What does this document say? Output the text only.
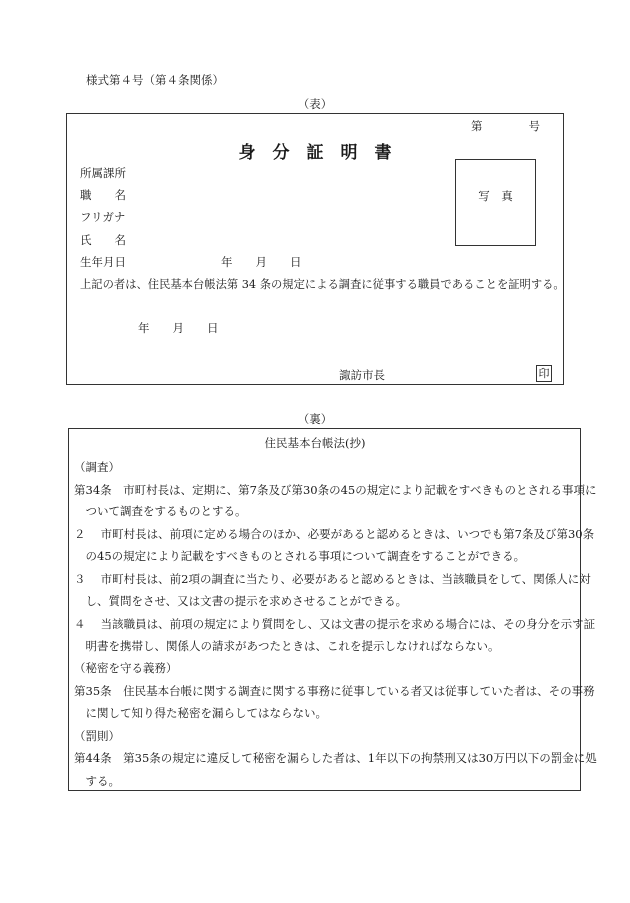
様式第４号（第４条関係）
（表）
第　　　　号
身　分　証　明　書
所属課所
職　　名
フリガナ
氏　　名
生年月日	年　　月　　日
写　真
上記の者は、住民基本台帳法第 34 条の規定による調査に従事する職員であることを証明する。
年　　月　　日
諏訪市長	印
（裏）
住民基本台帳法(抄)
（調査）
第34条　市町村長は、定期に、第7条及び第30条の45の規定により記載をすべきものとされる事項に
　ついて調査をするものとする。
２　 市町村長は、前項に定める場合のほか、必要があると認めるときは、いつでも第7条及び第30条
　の45の規定により記載をすべきものとされる事項について調査をすることができる。
３　 市町村長は、前2項の調査に当たり、必要があると認めるときは、当該職員をして、関係人に対
　し、質問をさせ、又は文書の提示を求めさせることができる。
４　 当該職員は、前項の規定により質問をし、又は文書の提示を求める場合には、その身分を示す証
　明書を携帯し、関係人の請求があつたときは、これを提示しなければならない。
（秘密を守る義務）
第35条　住民基本台帳に関する調査に関する事務に従事している者又は従事していた者は、その事務
　に関して知り得た秘密を漏らしてはならない。
（罰則）
第44条　第35条の規定に違反して秘密を漏らした者は、1年以下の拘禁刑又は30万円以下の罰金に処
　する。
